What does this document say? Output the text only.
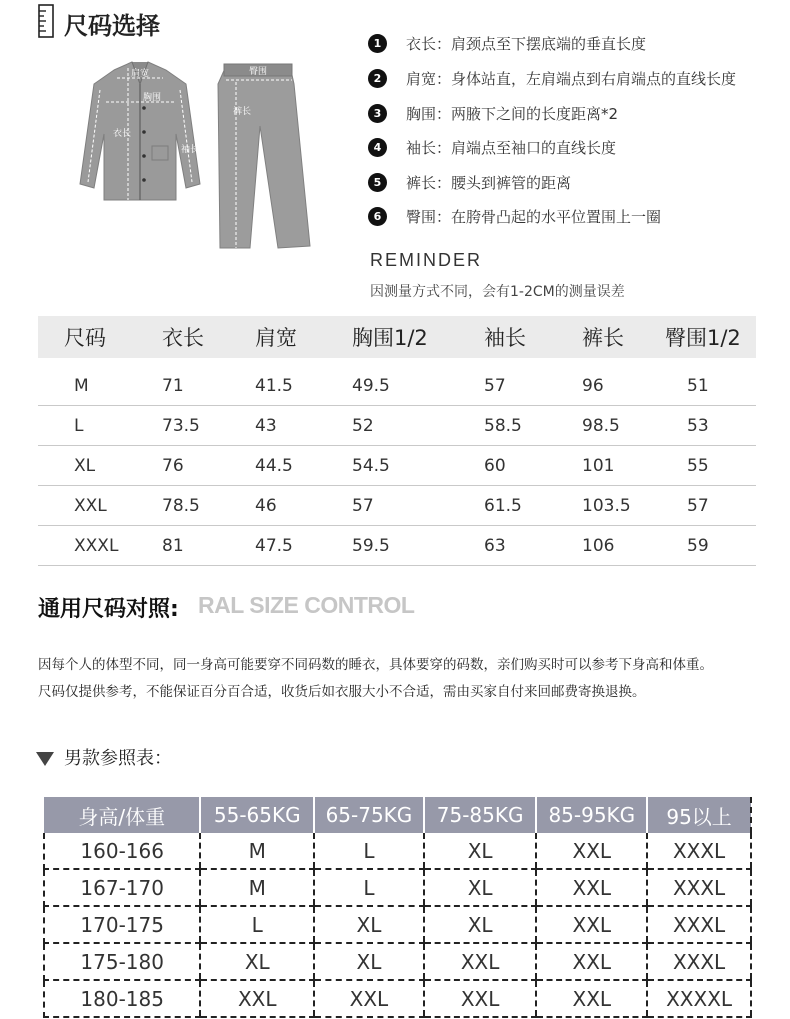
尺码选择
肩宽
胸围
衣长
袖长
臀围
裤长
1	衣长：肩颈点至下摆底端的垂直长度
2	肩宽：身体站直，左肩端点到右肩端点的直线长度
3	胸围：两腋下之间的长度距离*2
4	袖长：肩端点至袖口的直线长度
5	裤长：腰头到裤管的距离
6	臀围：在胯骨凸起的水平位置围上一圈
REMINDER
因测量方式不同，会有1-2CM的测量误差
尺码	衣长	肩宽	胸围1/2	袖长	裤长	臀围1/2

M	71	41.5	49.5	57	96	51
L	73.5	43	52	58.5	98.5	53
XL	76	44.5	54.5	60	101	55
XXL	78.5	46	57	61.5	103.5	57
XXXL	81	47.5	59.5	63	106	59
通用尺码对照: RAL SIZE CONTROL
因每个人的体型不同，同一身高可能要穿不同码数的睡衣，具体要穿的码数，亲们购买时可以参考下身高和体重。
尺码仅提供参考，不能保证百分百合适，收货后如衣服大小不合适，需由买家自付来回邮费寄换退换。
男款参照表：
身高/体重	55-65KG	65-75KG	75-85KG	85-95KG	95以上
160-166	M	L	XL	XXL	XXXL
167-170	M	L	XL	XXL	XXXL
170-175	L	XL	XL	XXL	XXXL
175-180	XL	XL	XXL	XXL	XXXL
180-185	XXL	XXL	XXL	XXL	XXXXL
